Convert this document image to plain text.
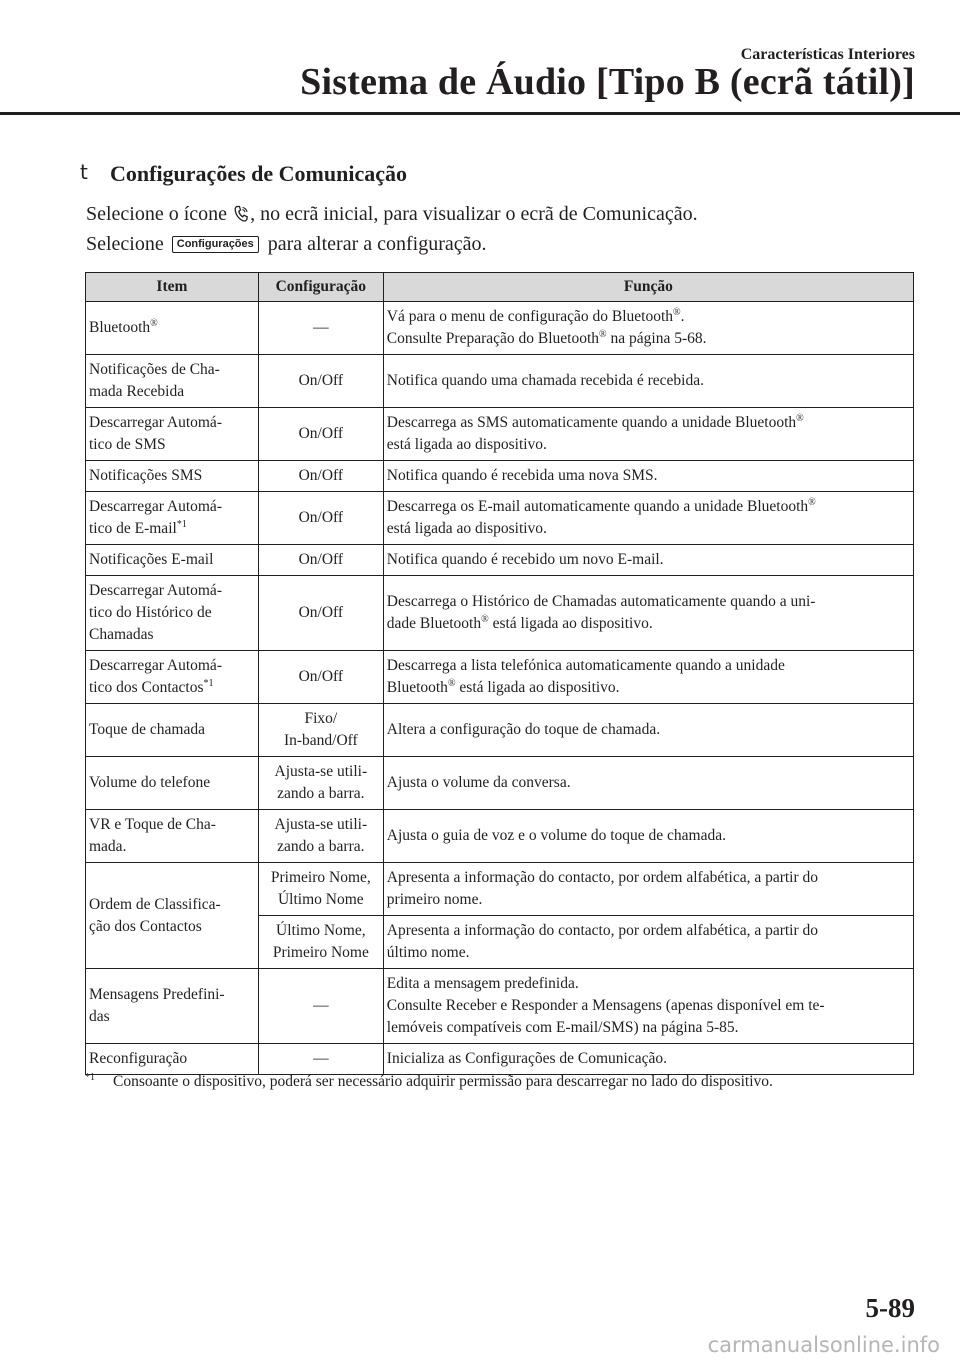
Características Interiores
Sistema de Áudio [Tipo B (ecrã tátil)]
t Configurações de Comunicação
Selecione o ícone , no ecrã inicial, para visualizar o ecrã de Comunicação.
Selecione Configurações para alterar a configuração.
Item	Configuração	Função
Bluetooth®	—	Vá para o menu de configuração do Bluetooth®.
Consulte Preparação do Bluetooth® na página 5-68.
Notificações de Cha-
mada Recebida	On/Off	Notifica quando uma chamada recebida é recebida.
Descarregar Automá-
tico de SMS	On/Off	Descarrega as SMS automaticamente quando a unidade Bluetooth®
está ligada ao dispositivo.
Notificações SMS	On/Off	Notifica quando é recebida uma nova SMS.
Descarregar Automá-
tico de E-mail$^{*1}$	On/Off	Descarrega os E-mail automaticamente quando a unidade Bluetooth®
está ligada ao dispositivo.
Notificações E-mail	On/Off	Notifica quando é recebido um novo E-mail.
Descarregar Automá-
tico do Histórico de
Chamadas	On/Off	Descarrega o Histórico de Chamadas automaticamente quando a uni-
dade Bluetooth® está ligada ao dispositivo.
Descarregar Automá-
tico dos Contactos$^{*1}$	On/Off	Descarrega a lista telefónica automaticamente quando a unidade
Bluetooth® está ligada ao dispositivo.
Toque de chamada	Fixo/
In-band/Off	Altera a configuração do toque de chamada.
Volume do telefone	Ajusta-se utili-
zando a barra.	Ajusta o volume da conversa.
VR e Toque de Cha-
mada.	Ajusta-se utili-
zando a barra.	Ajusta o guia de voz e o volume do toque de chamada.
Ordem de Classifica-
ção dos Contactos	Primeiro Nome,
Último Nome	Apresenta a informação do contacto, por ordem alfabética, a partir do
primeiro nome.
	Último Nome,
Primeiro Nome	Apresenta a informação do contacto, por ordem alfabética, a partir do
último nome.
Mensagens Predefini-
das	—	Edita a mensagem predefinida.
Consulte Receber e Responder a Mensagens (apenas disponível em te-
lemóveis compatíveis com E-mail/SMS) na página 5-85.
Reconfiguração	—	Inicializa as Configurações de Comunicação.
$^{*1}$ Consoante o dispositivo, poderá ser necessário adquirir permissão para descarregar no lado do dispositivo.
5-89
carmanualsonline.info
